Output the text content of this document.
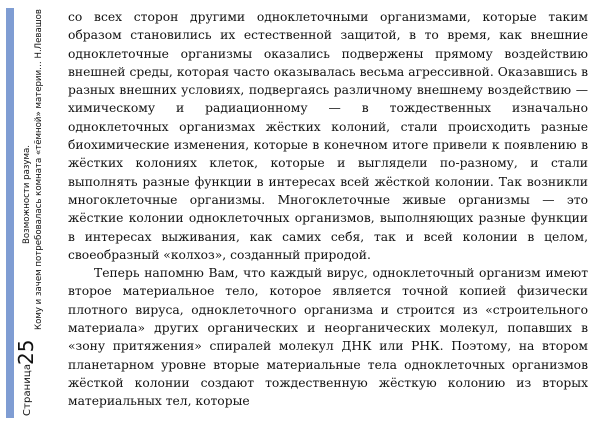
Страница
25
Кому и зачем потребовалась комната «тёмной» материи… Н.Левашов
Возможности разума.

со всех сторон другими одноклеточными организмами, которые таким образом становились их естественной защитой, в то время, как внешние одноклеточные организмы оказались подвержены прямому воздействию внешней среды, которая часто оказывалась весьма агрессивной. Оказавшись в разных внешних условиях, подвергаясь различному внешнему воздействию — химическому и радиационному — в тождественных изначально одноклеточных организмах жёстких колоний, стали происходить разные биохимические изменения, которые в конечном итоге привели к появлению в жёстких колониях клеток, которые и выглядели по-разному, и стали выполнять разные функции в интересах всей жёсткой колонии. Так возникли многоклеточные организмы. Многоклеточные живые организмы — это жёсткие колонии одноклеточных организмов, выполняющих разные функции в интересах выживания, как самих себя, так и всей колонии в целом, своеобразный «колхоз», созданный природой.

Теперь напомню Вам, что каждый вирус, одноклеточный организм имеют второе материальное тело, которое является точной копией физически плотного вируса, одноклеточного организма и строится из «строительного материала» других органических и неорганических молекул, попавших в «зону притяжения» спиралей молекул ДНК или РНК. Поэтому, на втором планетарном уровне вторые материальные тела одноклеточных организмов жёсткой колонии создают тождественную жёсткую колонию из вторых материальных тел, которые
